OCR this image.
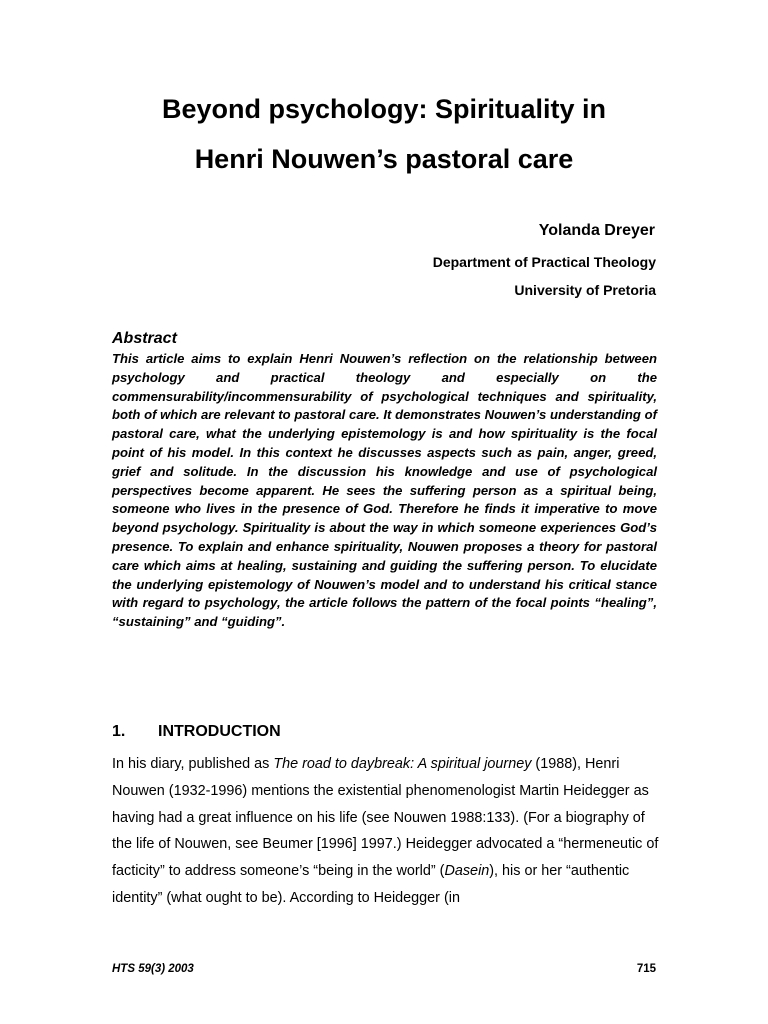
Beyond psychology: Spirituality in
Henri Nouwen’s pastoral care
Yolanda Dreyer
Department of Practical Theology
University of Pretoria
Abstract

This article aims to explain Henri Nouwen’s reflection on the relationship between psychology and practical theology and especially on the commensurability/incommensurability of psychological techniques and spirituality, both of which are relevant to pastoral care. It demonstrates Nouwen’s understanding of pastoral care, what the underlying epistemology is and how spirituality is the focal point of his model. In this context he discusses aspects such as pain, anger, greed, grief and solitude. In the discussion his knowledge and use of psychological perspectives become apparent. He sees the suffering person as a spiritual being, someone who lives in the presence of God. Therefore he finds it imperative to move beyond psychology. Spirituality is about the way in which someone experiences God’s presence. To explain and enhance spirituality, Nouwen proposes a theory for pastoral care which aims at healing, sustaining and guiding the suffering person. To elucidate the underlying epistemology of Nouwen’s model and to understand his critical stance with regard to psychology, the article follows the pattern of the focal points “healing”, “sustaining” and “guiding”.

1. INTRODUCTION

In his diary, published as The road to daybreak: A spiritual journey (1988), Henri Nouwen (1932-1996) mentions the existential phenomenologist Martin Heidegger as having had a great influence on his life (see Nouwen 1988:133). (For a biography of the life of Nouwen, see Beumer [1996] 1997.) Heidegger advocated a “hermeneutic of facticity” to address someone’s “being in the world” (Dasein), his or her “authentic identity” (what ought to be). According to Heidegger (in

HTS 59(3) 2003	715
